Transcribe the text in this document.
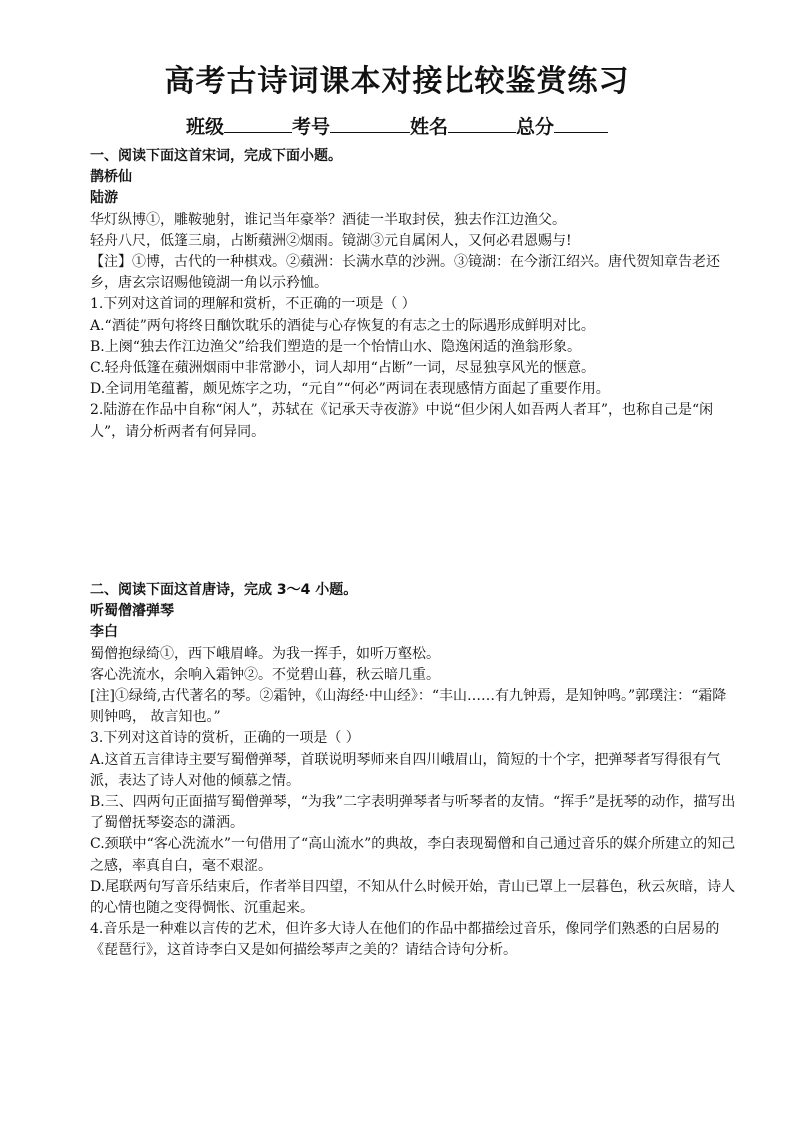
高考古诗词课本对接比较鉴赏练习
班级	考号	姓名	总分

一、阅读下面这首宋词，完成下面小题。

鹊桥仙

陆游

华灯纵博①，雕鞍驰射，谁记当年豪举？酒徒一半取封侯，独去作江边渔父。

轻舟八尺，低篷三扇，占断蘋洲②烟雨。镜湖③元自属闲人，又何必君恩赐与!

【注】①博，古代的一种棋戏。②蘋洲：长满水草的沙洲。③镜湖：在今浙江绍兴。唐代贺知章告老还乡，唐玄宗诏赐他镜湖一角以示矜恤。

1.下列对这首词的理解和赏析，不正确的一项是（ ）

A.“酒徒”两句将终日酗饮耽乐的酒徒与心存恢复的有志之士的际遇形成鲜明对比。

B.上阕“独去作江边渔父”给我们塑造的是一个怡情山水、隐逸闲适的渔翁形象。

C.轻舟低篷在蘋洲烟雨中非常渺小，词人却用“占断”一词，尽显独享风光的惬意。

D.全词用笔蕴蓄，颇见炼字之功，“元自”“何必”两词在表现感情方面起了重要作用。

2.陆游在作品中自称“闲人”，苏轼在《记承天寺夜游》中说“但少闲人如吾两人者耳”，也称自己是“闲人”，请分析两者有何异同。

二、阅读下面这首唐诗，完成 3～4 小题。

听蜀僧濬弹琴

李白

蜀僧抱绿绮①，西下峨眉峰。为我一挥手，如听万壑松。

客心洗流水，余响入霜钟②。不觉碧山暮，秋云暗几重。

[注]①绿绮,古代著名的琴。②霜钟，《山海经·中山经》：“丰山……有九钟焉，是知钟鸣。”郭璞注：“霜降则钟鸣， 故言知也。”

3.下列对这首诗的赏析，正确的一项是（ ）

A.这首五言律诗主要写蜀僧弹琴，首联说明琴师来自四川峨眉山，简短的十个字，把弹琴者写得很有气派，表达了诗人对他的倾慕之情。

B.三、四两句正面描写蜀僧弹琴，“为我”二字表明弹琴者与听琴者的友情。“挥手”是抚琴的动作，描写出了蜀僧抚琴姿态的潇洒。

C.颈联中“客心洗流水”一句借用了“高山流水”的典故，李白表现蜀僧和自己通过音乐的媒介所建立的知己之感，率真自白，毫不艰涩。

D.尾联两句写音乐结束后，作者举目四望，不知从什么时候开始，青山已罩上一层暮色，秋云灰暗，诗人的心情也随之变得惆怅、沉重起来。

4.音乐是一种难以言传的艺术，但许多大诗人在他们的作品中都描绘过音乐，像同学们熟悉的白居易的《琵琶行》，这首诗李白又是如何描绘琴声之美的？请结合诗句分析。
